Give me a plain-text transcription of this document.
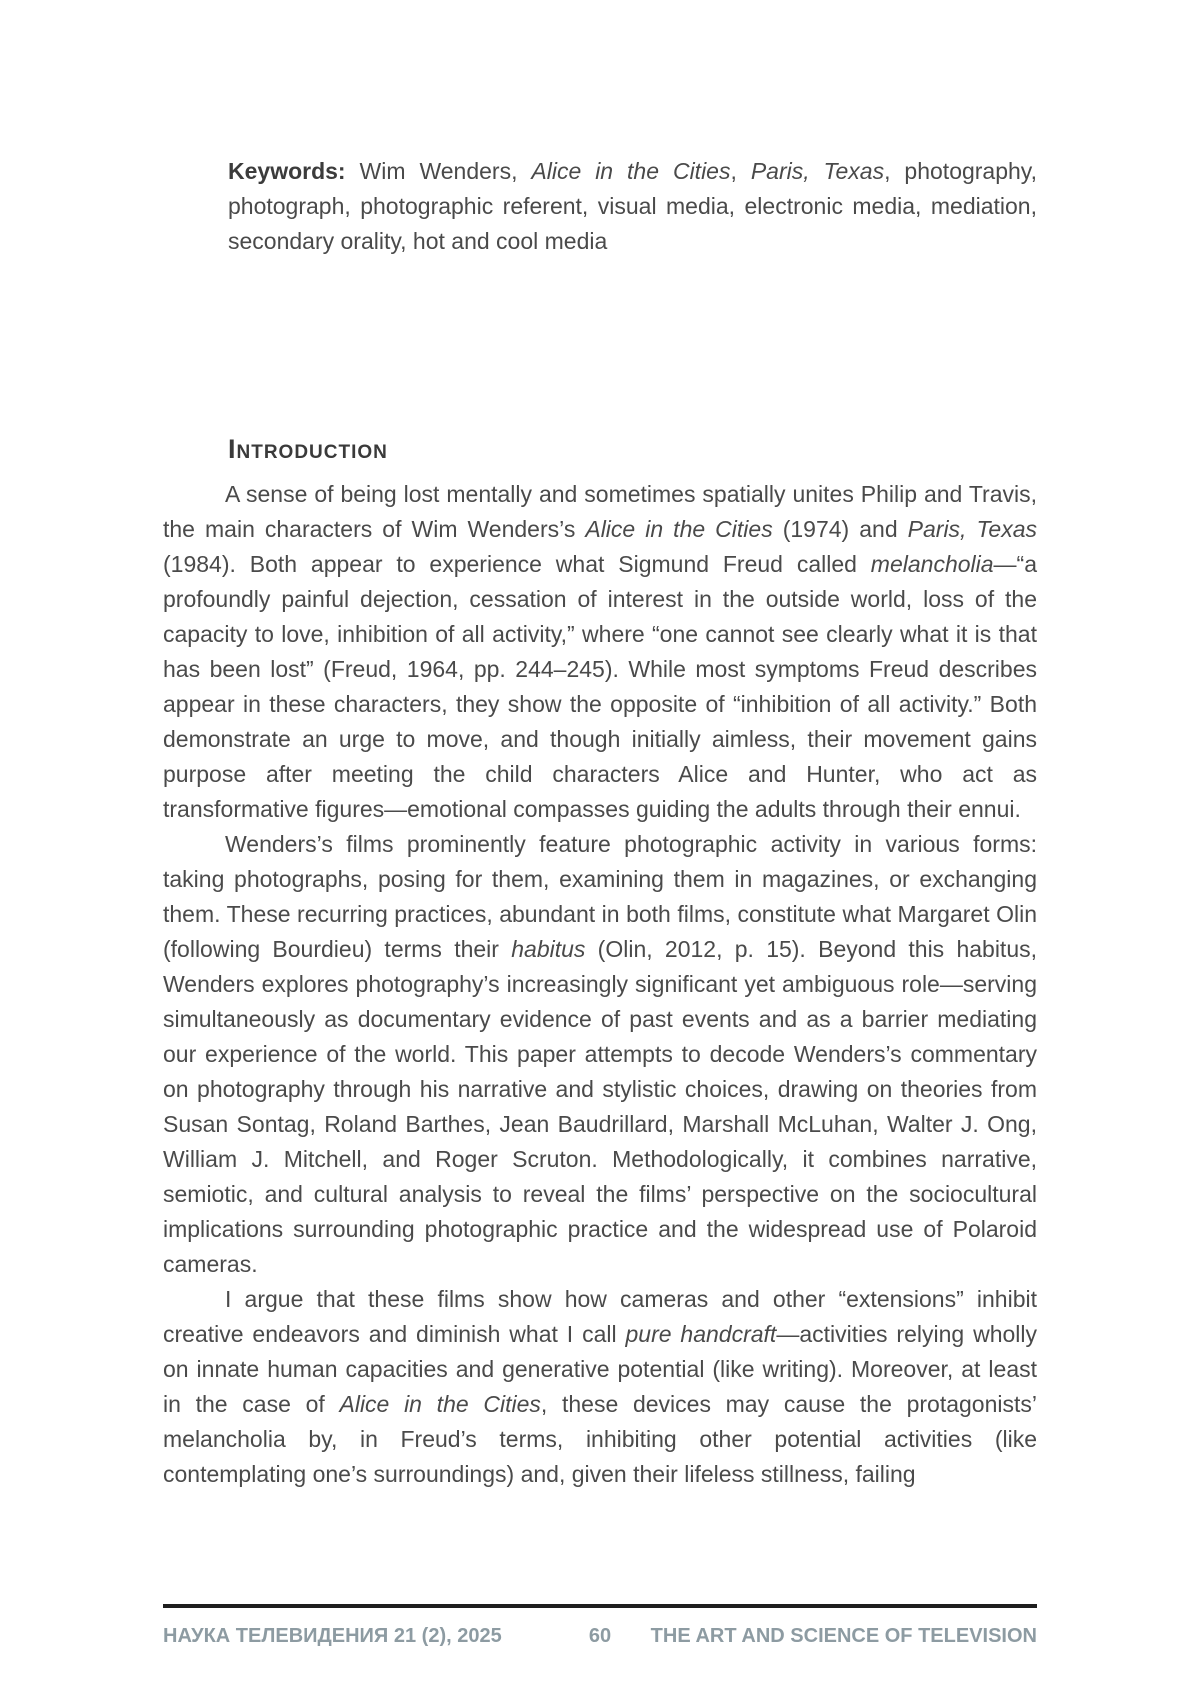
Keywords: Wim Wenders, Alice in the Cities, Paris, Texas, photography, photograph, photographic referent, visual media, electronic media, mediation, secondary orality, hot and cool media

Introduction

A sense of being lost mentally and sometimes spatially unites Philip and Travis, the main characters of Wim Wenders’s Alice in the Cities (1974) and Paris, Texas (1984). Both appear to experience what Sigmund Freud called melancholia—“a profoundly painful dejection, cessation of interest in the outside world, loss of the capacity to love, inhibition of all activity,” where “one cannot see clearly what it is that has been lost” (Freud, 1964, pp. 244–245). While most symptoms Freud describes appear in these characters, they show the opposite of “inhibition of all activity.” Both demonstrate an urge to move, and though initially aimless, their movement gains purpose after meeting the child characters Alice and Hunter, who act as transformative figures—emotional compasses guiding the adults through their ennui.

Wenders’s films prominently feature photographic activity in various forms: taking photographs, posing for them, examining them in magazines, or exchanging them. These recurring practices, abundant in both films, constitute what Margaret Olin (following Bourdieu) terms their habitus (Olin, 2012, p. 15). Beyond this habitus, Wenders explores photography’s increasingly significant yet ambiguous role—serving simultaneously as documentary evidence of past events and as a barrier mediating our experience of the world. This paper attempts to decode Wenders’s commentary on photography through his narrative and stylistic choices, drawing on theories from Susan Sontag, Roland Barthes, Jean Baudrillard, Marshall McLuhan, Walter J. Ong, William J. Mitchell, and Roger Scruton. Methodologically, it combines narrative, semiotic, and cultural analysis to reveal the films’ perspective on the sociocultural implications surrounding photographic practice and the widespread use of Polaroid cameras.

I argue that these films show how cameras and other “extensions” inhibit creative endeavors and diminish what I call pure handcraft—activities relying wholly on innate human capacities and generative potential (like writing). Moreover, at least in the case of Alice in the Cities, these devices may cause the protagonists’ melancholia by, in Freud’s terms, inhibiting other potential activities (like contemplating one’s surroundings) and, given their lifeless stillness, failing

НАУКА ТЕЛЕВИДЕНИЯ 21 (2), 2025	60 THE ART AND SCIENCE OF TELEVISION
